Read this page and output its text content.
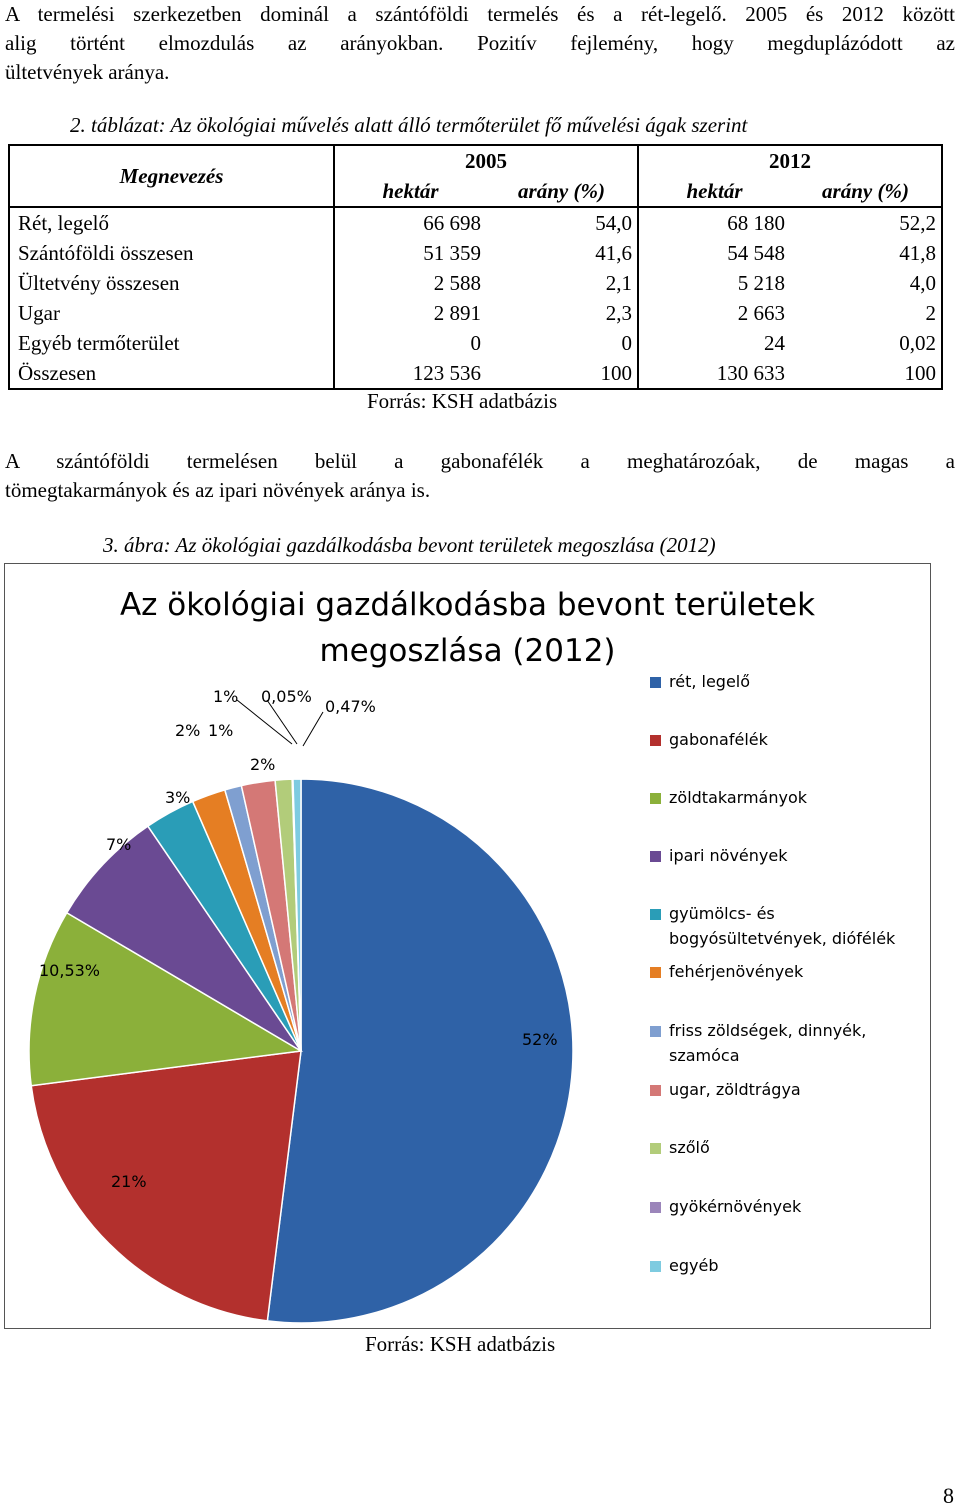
A termelési szerkezetben dominál a szántóföldi termelés és a rét-legelő. 2005 és 2012 között
alig történt elmozdulás az arányokban. Pozitív fejlemény, hogy megduplázódott az
ültetvények aránya.
2. táblázat: Az ökológiai művelés alatt álló termőterület fő művelési ágak szerint
Megnevezés	2005		2012	
	hektár	arány (%)	hektár	arány (%)
Rét, legelő	66 698	54,0	68 180	52,2
Szántóföldi összesen	51 359	41,6	54 548	41,8
Ültetvény összesen	2 588	2,1	5 218	4,0
Ugar	2 891	2,3	2 663	2
Egyéb termőterület	0	0	24	0,02
Összesen	123 536	100	130 633	100
Forrás: KSH adatbázis
A szántóföldi termelésen belül a gabonafélék a meghatározóak, de magas a
tömegtakarmányok és az ipari növények aránya is.
3. ábra: Az ökológiai gazdálkodásba bevont területek megoszlása (2012)
Az ökológiai gazdálkodásba bevont területek
megoszlása (2012)
52%
21%
10,53%
7%
3%
2% 1%
2%
1% 0,05%
0,47%
rét, legelő
gabonafélék
zöldtakarmányok
ipari növények
gyümölcs- és bogyósültetvények, diófélék
fehérjenövények
friss zöldségek, dinnyék, szamóca
ugar, zöldtrágya
szőlő
gyökérnövények
egyéb
Forrás: KSH adatbázis
8
